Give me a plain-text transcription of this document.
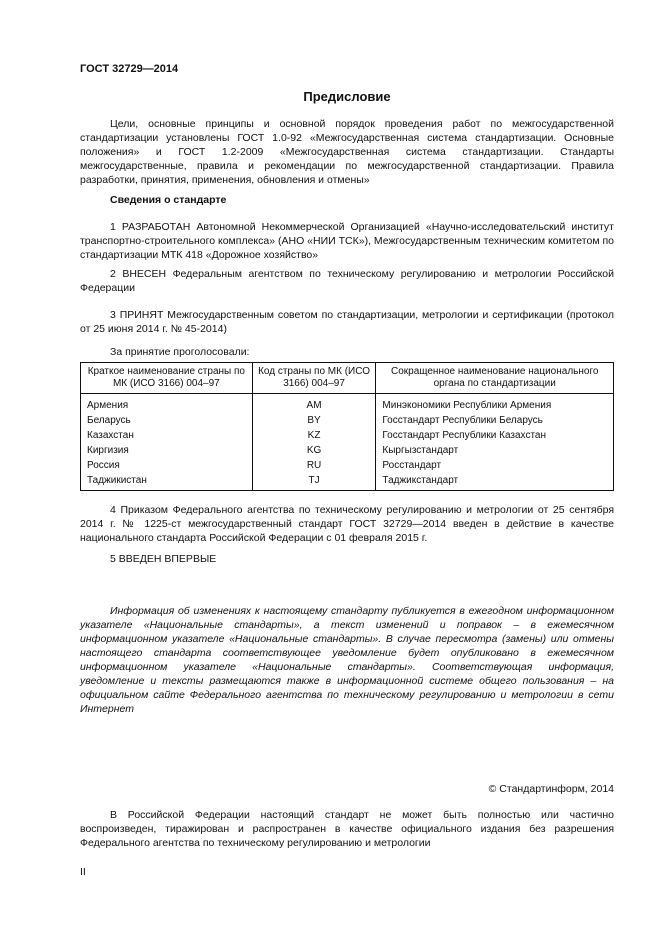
ГОСТ 32729—2014
Предисловие

Цели, основные принципы и основной порядок проведения работ по межгосударственной стандартизации установлены ГОСТ 1.0-92 «Межгосударственная система стандартизации. Основные положения» и ГОСТ 1.2-2009 «Межгосударственная система стандартизации. Стандарты межгосударственные, правила и рекомендации по межгосударственной стандартизации. Правила разработки, принятия, применения, обновления и отмены»

Сведения о стандарте

1 РАЗРАБОТАН Автономной Некоммерческой Организацией «Научно-исследовательский институт транспортно-строительного комплекса» (АНО «НИИ ТСК»), Межгосударственным техническим комитетом по стандартизации МТК 418 «Дорожное хозяйство»

2 ВНЕСЕН Федеральным агентством по техническому регулированию и метрологии Российской Федерации

3 ПРИНЯТ Межгосударственным советом по стандартизации, метрологии и сертификации (протокол от 25 июня 2014 г. № 45-2014)

За принятие проголосовали:
Краткое наименование страны по МК (ИСО 3166) 004–97	Код страны по МК (ИСО 3166) 004–97	Сокращенное наименование национального органа по стандартизации
Армения	AM	Минэкономики Республики Армения
Беларусь	BY	Госстандарт Республики Беларусь
Казахстан	KZ	Госстандарт Республики Казахстан
Киргизия	KG	Кыргызстандарт
Россия	RU	Росстандарт
Таджикистан	TJ	Таджикстандарт

4 Приказом Федерального агентства по техническому регулированию и метрологии от 25 сентября 2014 г. № 1225-ст межгосударственный стандарт ГОСТ 32729—2014 введен в действие в качестве национального стандарта Российской Федерации с 01 февраля 2015 г.

5 ВВЕДЕН ВПЕРВЫЕ

Информация об изменениях к настоящему стандарту публикуется в ежегодном информационном указателе «Национальные стандарты», а текст изменений и поправок – в ежемесячном информационном указателе «Национальные стандарты». В случае пересмотра (замены) или отмены настоящего стандарта соответствующее уведомление будет опубликовано в ежемесячном информационном указателе «Национальные стандарты». Соответствующая информация, уведомление и тексты размещаются также в информационной системе общего пользования – на официальном сайте Федерального агентства по техническому регулированию и метрологии в сети Интернет

© Стандартинформ, 2014

В Российской Федерации настоящий стандарт не может быть полностью или частично воспроизведен, тиражирован и распространен в качестве официального издания без разрешения Федерального агентства по техническому регулированию и метрологии

II
